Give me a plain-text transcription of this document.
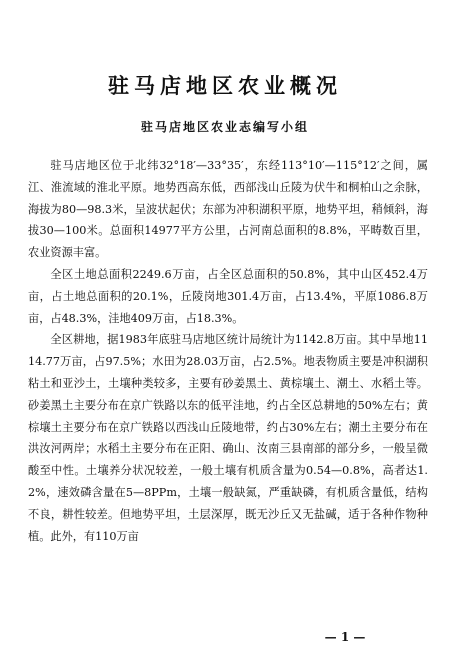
驻马店地区农业概况
驻马店地区农业志编写小组

驻马店地区位于北纬32°18′—33°35′，东经113°10′—115°12′之间，属江、淮流域的淮北平原。地势西高东低，西部浅山丘陵为伏牛和桐柏山之余脉，海拔为80—98.3米，呈波状起伏；东部为冲积湖积平原，地势平坦，稍倾斜，海拔30—100米。总面积14977平方公里，占河南总面积的8.8%，平畴数百里，农业资源丰富。

全区土地总面积2249.6万亩，占全区总面积的50.8%，其中山区452.4万亩，占土地总面积的20.1%，丘陵岗地301.4万亩，占13.4%，平原1086.8万亩，占48.3%，洼地409万亩，占18.3%。

全区耕地，据1983年底驻马店地区统计局统计为1142.8万亩。其中旱地1114.77万亩，占97.5%；水田为28.03万亩，占2.5%。地表物质主要是冲积湖积粘土和亚沙土，土壤种类较多，主要有砂姜黑土、黄棕壤土、潮土、水稻土等。砂姜黑土主要分布在京广铁路以东的低平洼地，约占全区总耕地的50%左右；黄棕壤土主要分布在京广铁路以西浅山丘陵地带，约占30%左右；潮土主要分布在洪汝河两岸；水稻土主要分布在正阳、确山、汝南三县南部的部分乡，一般呈微酸至中性。土壤养分状况较差，一般土壤有机质含量为0.54—0.8%，高者达1.2%，速效磷含量在5—8PPm，土壤一般缺氮，严重缺磷，有机质含量低，结构不良，耕性较差。但地势平坦，土层深厚，既无沙丘又无盐碱，适于各种作物种植。此外，有110万亩

— 1 —
